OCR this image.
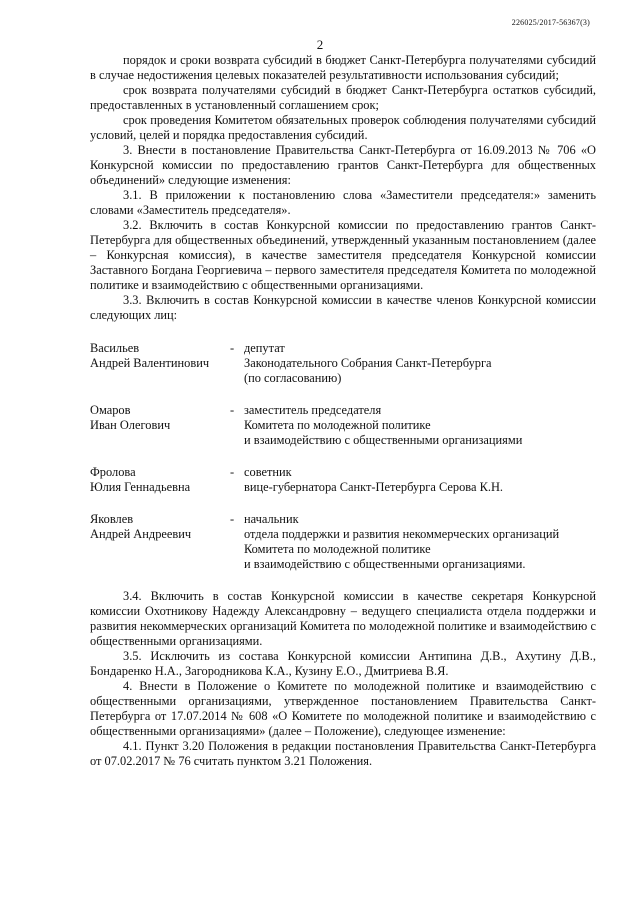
226025/2017-56367(3)
2

порядок и сроки возврата субсидий в бюджет Санкт-Петербурга получателями субсидий в случае недостижения целевых показателей результативности использования субсидий;

срок возврата получателями субсидий в бюджет Санкт-Петербурга остатков субсидий, предоставленных в установленный соглашением срок;

срок проведения Комитетом обязательных проверок соблюдения получателями субсидий условий, целей и порядка предоставления субсидий.

3. Внести в постановление Правительства Санкт-Петербурга от 16.09.2013 № 706 «О Конкурсной комиссии по предоставлению грантов Санкт-Петербурга для общественных объединений» следующие изменения:

3.1. В приложении к постановлению слова «Заместители председателя:» заменить словами «Заместитель председателя».

3.2. Включить в состав Конкурсной комиссии по предоставлению грантов Санкт-Петербурга для общественных объединений, утвержденный указанным постановлением (далее – Конкурсная комиссия), в качестве заместителя председателя Конкурсной комиссии Заставного Богдана Георгиевича – первого заместителя председателя Комитета по молодежной политике и взаимодействию с общественными организациями.

3.3. Включить в состав Конкурсной комиссии в качестве членов Конкурсной комиссии следующих лиц:

Васильев
Андрей Валентинович
- депутат
Законодательного Собрания Санкт-Петербурга
(по согласованию)
Омаров
Иван Олегович
- заместитель председателя
Комитета по молодежной политике
и взаимодействию с общественными организациями
Фролова
Юлия Геннадьевна
- советник
вице-губернатора Санкт-Петербурга Серова К.Н.
Яковлев
Андрей Андреевич
- начальник
отдела поддержки и развития некоммерческих организаций
Комитета по молодежной политике
и взаимодействию с общественными организациями.

3.4. Включить в состав Конкурсной комиссии в качестве секретаря Конкурсной комиссии Охотникову Надежду Александровну – ведущего специалиста отдела поддержки и развития некоммерческих организаций Комитета по молодежной политике и взаимодействию с общественными организациями.

3.5. Исключить из состава Конкурсной комиссии Антипина Д.В., Ахутину Д.В., Бондаренко Н.А., Загородникова К.А., Кузину Е.О., Дмитриева В.Я.

4. Внести в Положение о Комитете по молодежной политике и взаимодействию с общественными организациями, утвержденное постановлением Правительства Санкт-Петербурга от 17.07.2014 № 608 «О Комитете по молодежной политике и взаимодействию с общественными организациями» (далее – Положение), следующее изменение:

4.1. Пункт 3.20 Положения в редакции постановления Правительства Санкт-Петербурга от 07.02.2017 № 76 считать пунктом 3.21 Положения.
